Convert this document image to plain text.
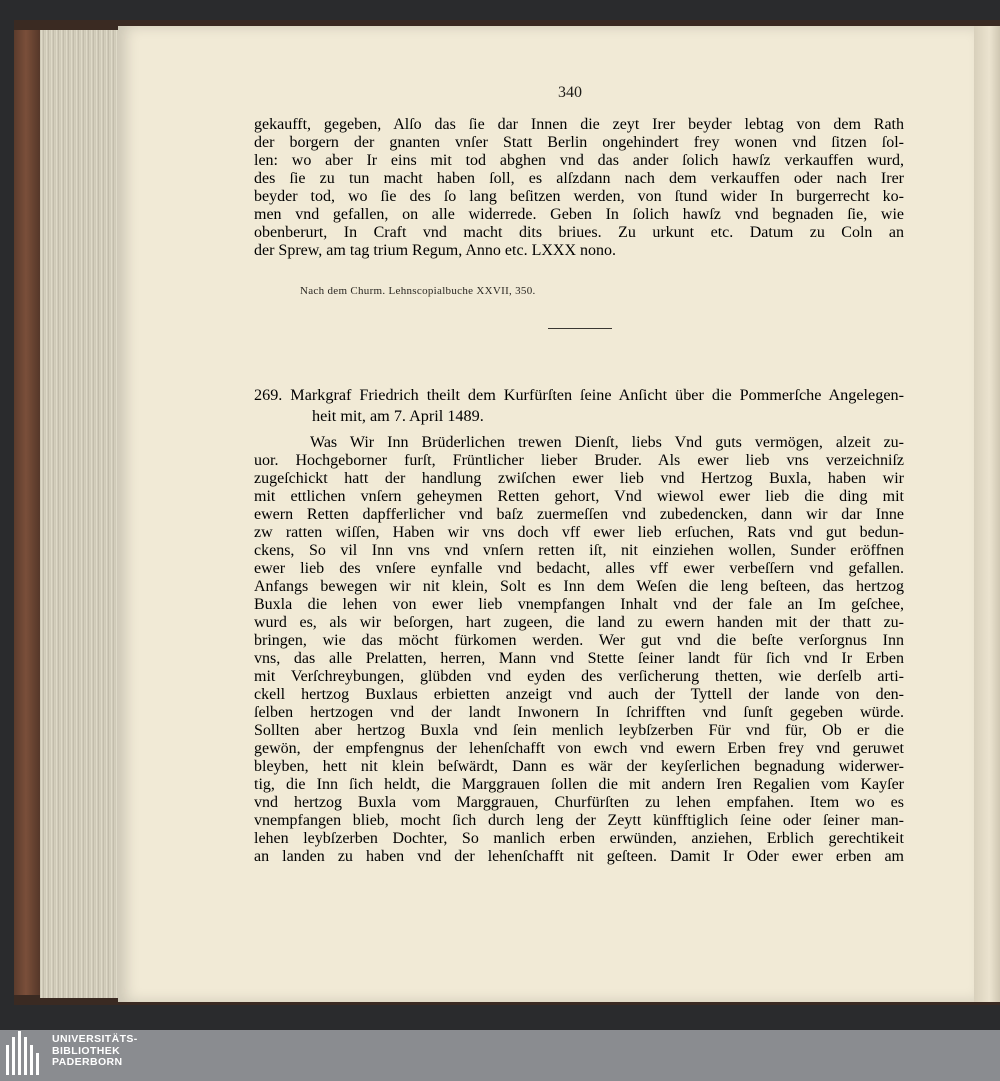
340

gekaufft, gegeben, Alſo das ſie dar Innen die zeyt Irer beyder lebtag von dem Rath
der borgern der gnanten vnſer Statt Berlin ongehindert frey wonen vnd ſitzen ſol-
len: wo aber Ir eins mit tod abghen vnd das ander ſolich hawſz verkauffen wurd,
des ſie zu tun macht haben ſoll, es alſzdann nach dem verkauffen oder nach Irer
beyder tod, wo ſie des ſo lang beſitzen werden, von ſtund wider In burgerrecht ko-
men vnd gefallen, on alle widerrede. Geben In ſolich hawſz vnd begnaden ſie, wie
obenberurt, In Craft vnd macht dits briues. Zu urkunt etc. Datum zu Coln an
der Sprew, am tag trium Regum, Anno etc. LXXX nono.

Nach dem Churm. Lehnscopialbuche XXVII, 350.
269. Markgraf Friedrich theilt dem Kurfürſten ſeine Anſicht über die Pommerſche Angelegen-
heit mit, am 7. April 1489.

Was Wir Inn Brüderlichen trewen Dienſt, liebs Vnd guts vermögen, alzeit zu-
uor. Hochgeborner furſt, Früntlicher lieber Bruder. Als ewer lieb vns verzeichniſz
zugeſchickt hatt der handlung zwiſchen ewer lieb vnd Hertzog Buxla, haben wir
mit ettlichen vnſern geheymen Retten gehort, Vnd wiewol ewer lieb die ding mit
ewern Retten dapfferlicher vnd baſz zuermeſſen vnd zubedencken, dann wir dar Inne
zw ratten wiſſen, Haben wir vns doch vff ewer lieb erſuchen, Rats vnd gut bedun-
ckens, So vil Inn vns vnd vnſern retten iſt, nit einziehen wollen, Sunder eröffnen
ewer lieb des vnſere eynfalle vnd bedacht, alles vff ewer verbeſſern vnd gefallen.
Anfangs bewegen wir nit klein, Solt es Inn dem Weſen die leng beſteen, das hertzog
Buxla die lehen von ewer lieb vnempfangen Inhalt vnd der fale an Im geſchee,
wurd es, als wir beſorgen, hart zugeen, die land zu ewern handen mit der thatt zu-
bringen, wie das möcht fürkomen werden. Wer gut vnd die beſte verſorgnus Inn
vns, das alle Prelatten, herren, Mann vnd Stette ſeiner landt für ſich vnd Ir Erben
mit Verſchreybungen, glübden vnd eyden des verſicherung thetten, wie derſelb arti-
ckell hertzog Buxlaus erbietten anzeigt vnd auch der Tyttell der lande von den-
ſelben hertzogen vnd der landt Inwonern In ſchrifften vnd ſunſt gegeben würde.
Sollten aber hertzog Buxla vnd ſein menlich leybſzerben Für vnd für, Ob er die
gewön, der empfengnus der lehenſchafft von ewch vnd ewern Erben frey vnd geruwet
bleyben, hett nit klein beſwärdt, Dann es wär der keyſerlichen begnadung widerwer-
tig, die Inn ſich heldt, die Marggrauen ſollen die mit andern Iren Regalien vom Kayſer
vnd hertzog Buxla vom Marggrauen, Churfürſten zu lehen empfahen. Item wo es
vnempfangen blieb, mocht ſich durch leng der Zeytt künfftiglich ſeine oder ſeiner man-
lehen leybſzerben Dochter, So manlich erben erwünden, anziehen, Erblich gerechtikeit
an landen zu haben vnd der lehenſchafft nit geſteen. Damit Ir Oder ewer erben am

UNIVERSITÄTS-
BIBLIOTHEK
PADERBORN
